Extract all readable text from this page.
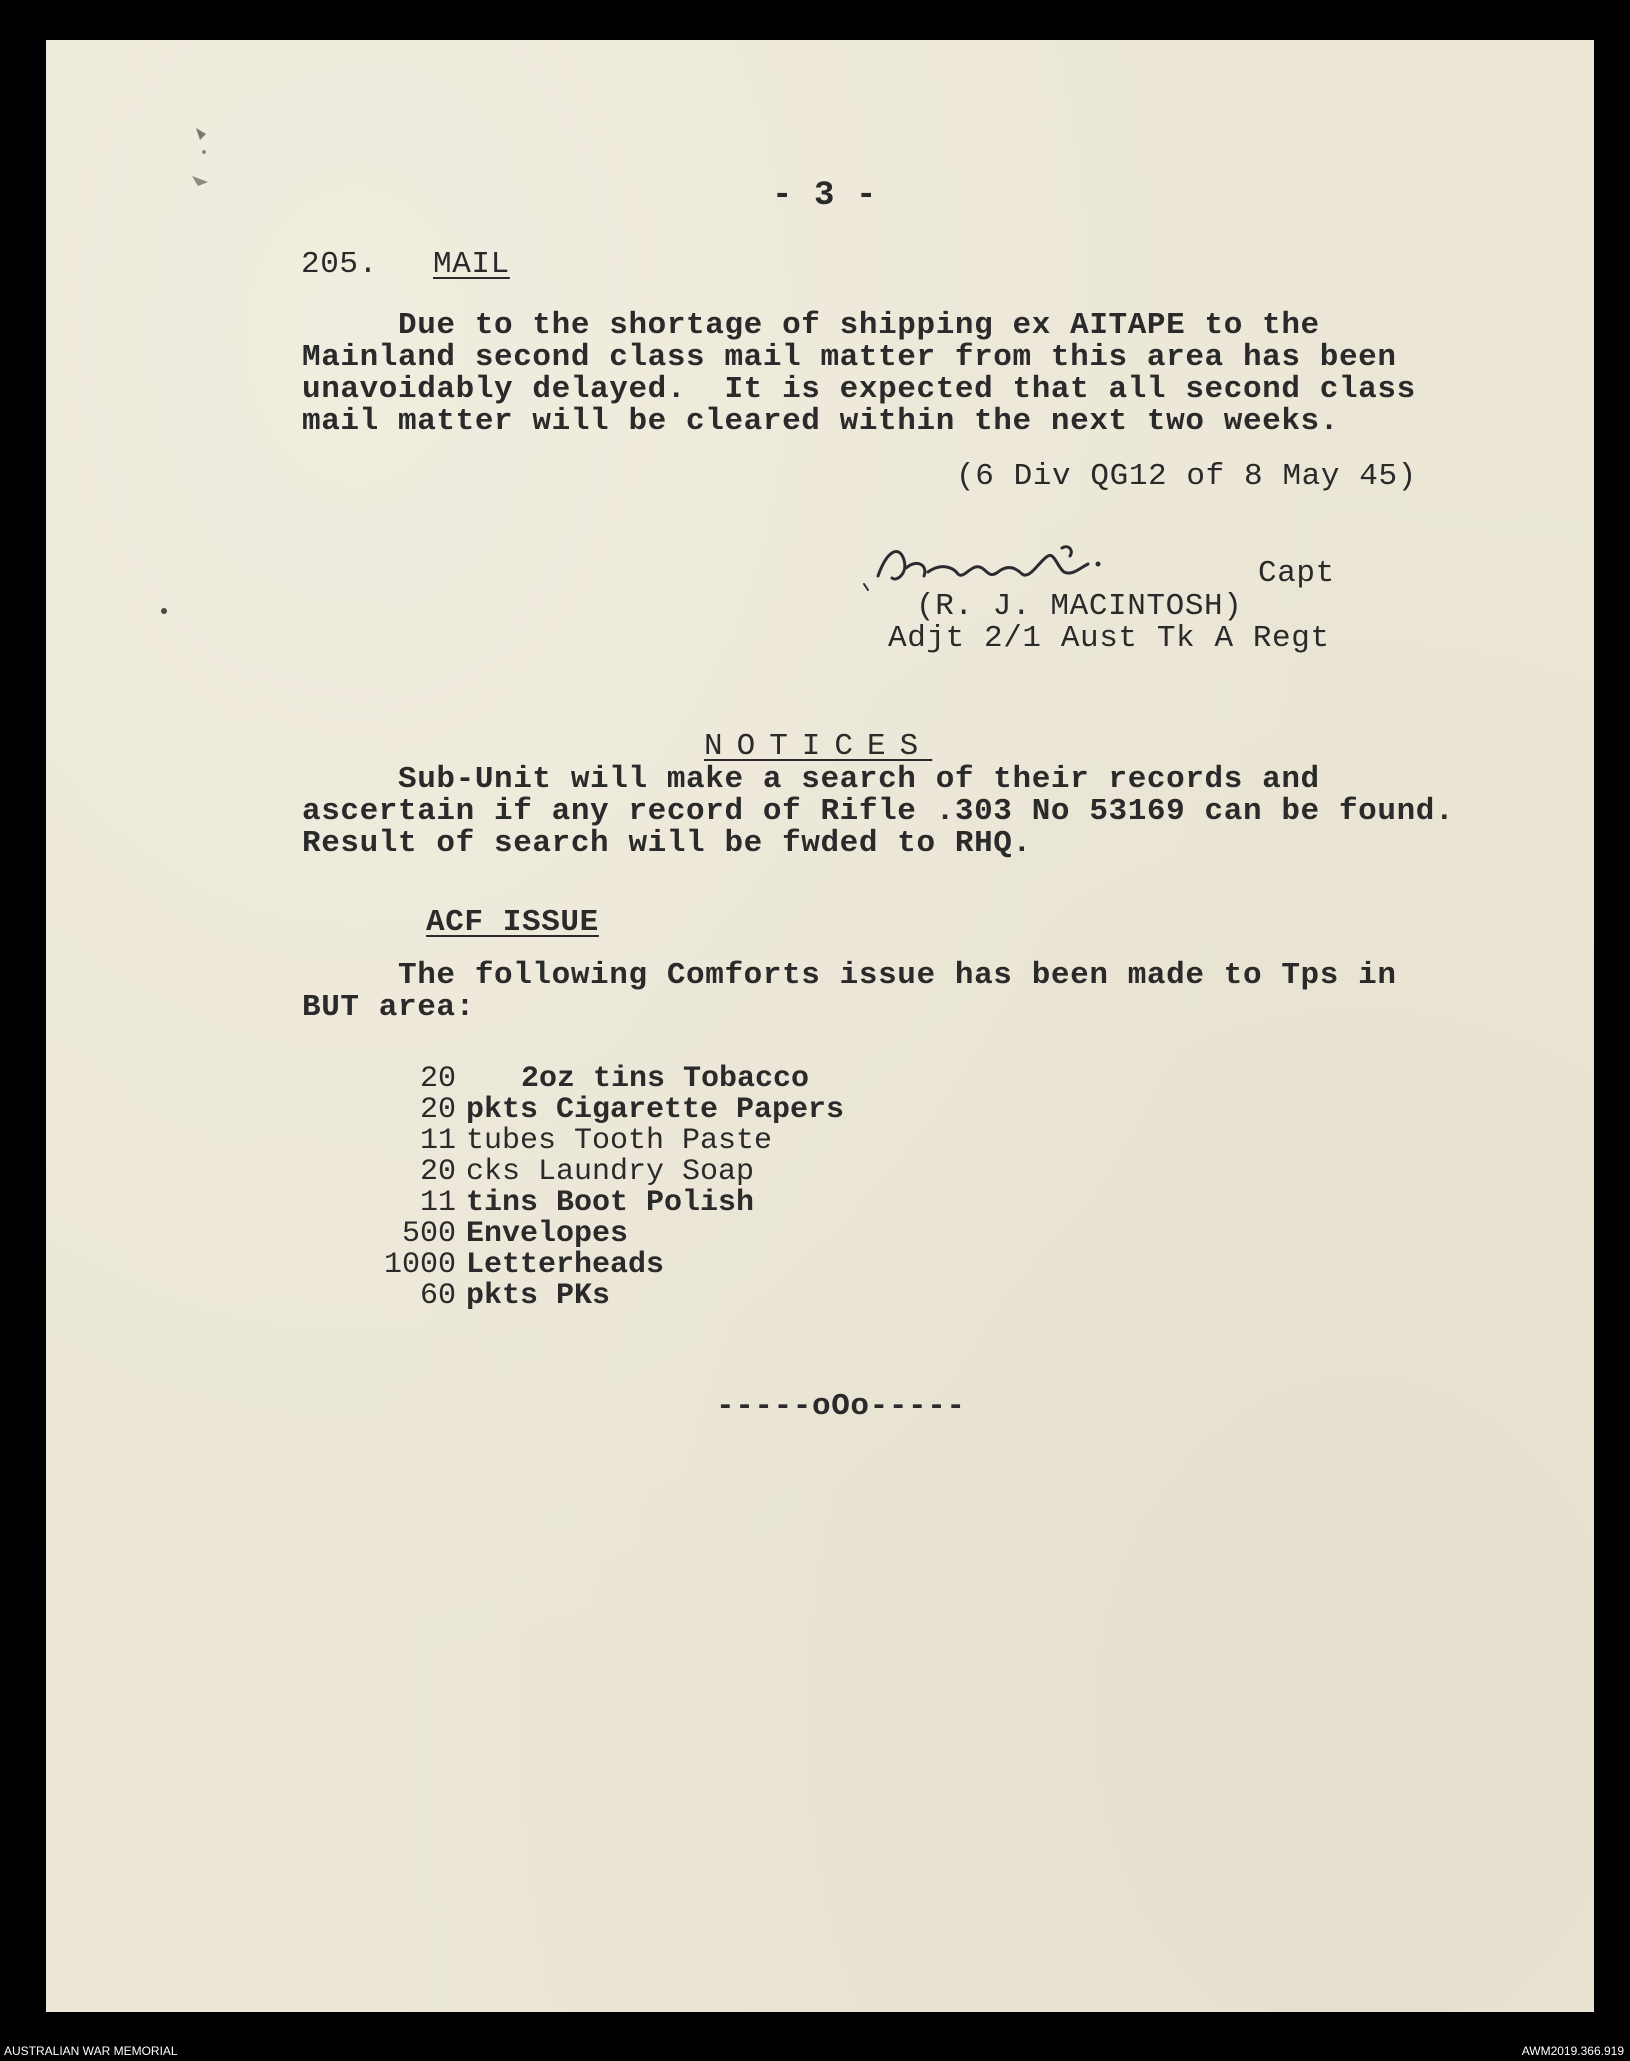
- 3 -
205. MAIL
Due to the shortage of shipping ex AITAPE to the
Mainland second class mail matter from this area has been
unavoidably delayed.  It is expected that all second class
mail matter will be cleared within the next two weeks.
(6 Div QG12 of 8 May 45)
Capt
(R. J. MACINTOSH)
Adjt 2/1 Aust Tk A Regt
NOTICES
Sub-Unit will make a search of their records and
ascertain if any record of Rifle .303 No 53169 can be found.
Result of search will be fwded to RHQ.
ACF ISSUE
The following Comforts issue has been made to Tps in
BUT area:
20	2oz tins Tobacco
20 pkts Cigarette Papers
11 tubes Tooth Paste
20 cks Laundry Soap
11 tins Boot Polish
500 Envelopes
1000 Letterheads
60 pkts PKs
-----oOo-----
AUSTRALIAN WAR MEMORIAL	AWM2019.366.919
